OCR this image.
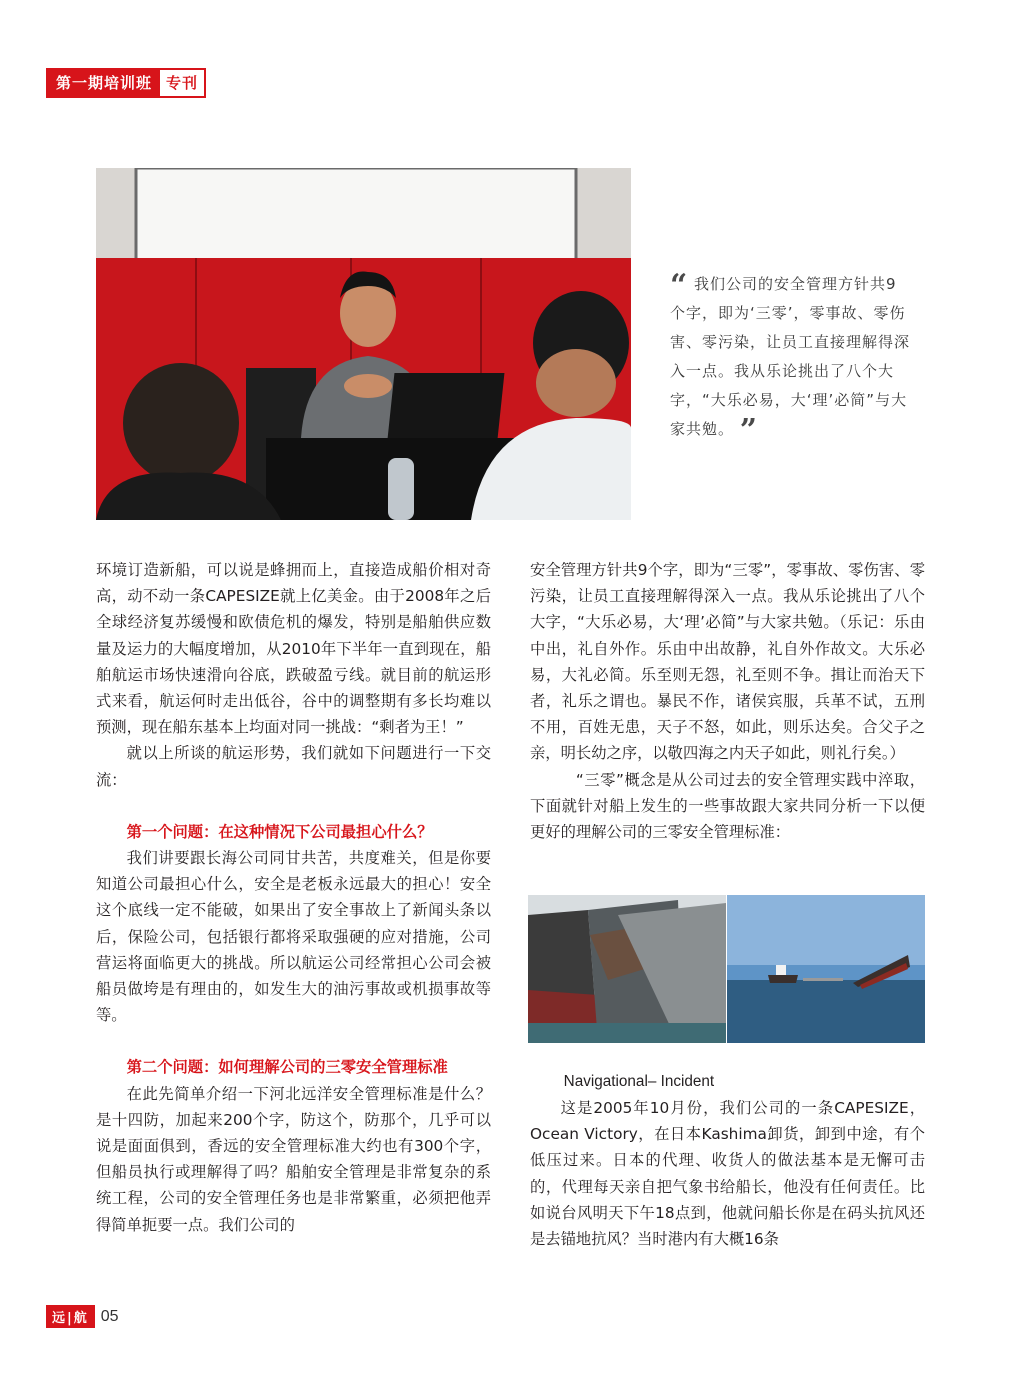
第一期培训班 专刊
“ 我们公司的安全管理方针共9个字，即为‘三零’，零事故、零伤害、零污染，让员工直接理解得深入一点。我从乐论挑出了八个大字，“大乐必易，大‘理’必简”与大家共勉。 ”

环境订造新船，可以说是蜂拥而上，直接造成船价相对奇高，动不动一条CAPESIZE就上亿美金。由于2008年之后全球经济复苏缓慢和欧债危机的爆发，特别是船舶供应数量及运力的大幅度增加，从2010年下半年一直到现在，船舶航运市场快速滑向谷底，跌破盈亏线。就目前的航运形式来看，航运何时走出低谷，谷中的调整期有多长均难以预测，现在船东基本上均面对同一挑战：“剩者为王！”

就以上所谈的航运形势，我们就如下问题进行一下交流：

第一个问题：在这种情况下公司最担心什么？

我们讲要跟长海公司同甘共苦，共度难关，但是你要知道公司最担心什么，安全是老板永远最大的担心！安全这个底线一定不能破，如果出了安全事故上了新闻头条以后，保险公司，包括银行都将采取强硬的应对措施，公司营运将面临更大的挑战。所以航运公司经常担心公司会被船员做垮是有理由的，如发生大的油污事故或机损事故等等。

第二个问题：如何理解公司的三零安全管理标准

在此先简单介绍一下河北远洋安全管理标准是什么？是十四防，加起来200个字，防这个，防那个，几乎可以说是面面俱到，香远的安全管理标准大约也有300个字，但船员执行或理解得了吗？船舶安全管理是非常复杂的系统工程，公司的安全管理任务也是非常繁重，必须把他弄得简单扼要一点。我们公司的

安全管理方针共9个字，即为“三零”，零事故、零伤害、零污染，让员工直接理解得深入一点。我从乐论挑出了八个大字，“大乐必易，大‘理’必简”与大家共勉。（乐记：乐由中出，礼自外作。乐由中出故静，礼自外作故文。大乐必易，大礼必简。乐至则无怨，礼至则不争。揖让而治天下者，礼乐之谓也。暴民不作，诸侯宾服，兵革不试，五刑不用，百姓无患，天子不怒，如此，则乐达矣。合父子之亲，明长幼之序，以敬四海之内天子如此，则礼行矣。）

“三零”概念是从公司过去的安全管理实践中淬取，下面就针对船上发生的一些事故跟大家共同分析一下以便更好的理解公司的三零安全管理标准：

Navigational– Incident

这是2005年10月份，我们公司的一条CAPESIZE，Ocean Victory，在日本Kashima卸货，卸到中途，有个低压过来。日本的代理、收货人的做法基本是无懈可击的，代理每天亲自把气象书给船长，他没有任何责任。比如说台风明天下午18点到，他就问船长你是在码头抗风还是去锚地抗风？当时港内有大概16条

远|航 05
